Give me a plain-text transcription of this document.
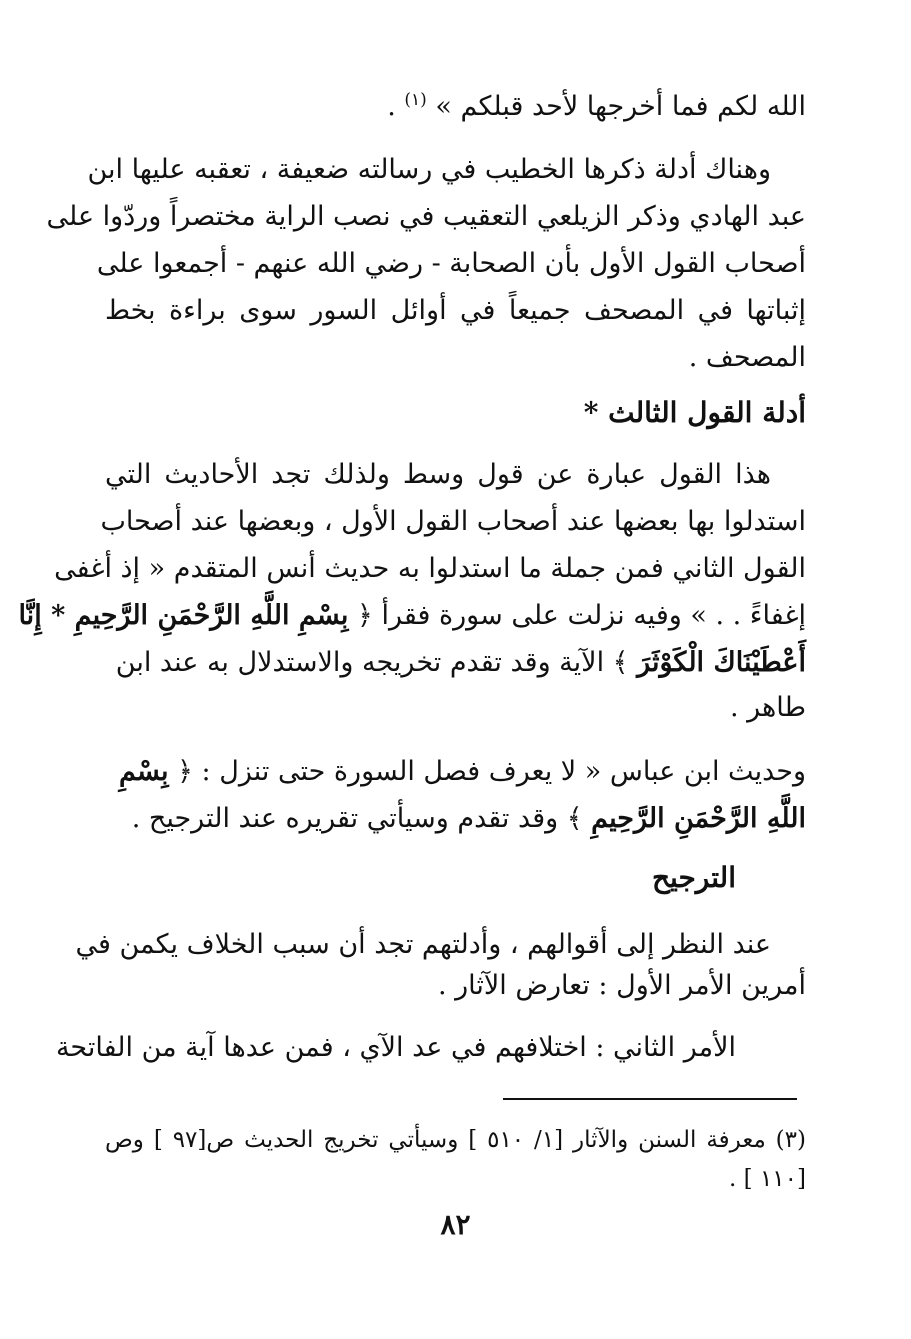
الله لكم فما أخرجها لأحد قبلكم » $^{(١)}$ .
وهناك أدلة ذكرها الخطيب في رسالته ضعيفة ، تعقبه عليها ابن
عبد الهادي وذكر الزيلعي التعقيب في نصب الراية مختصراً وردّوا على
أصحاب القول الأول بأن الصحابة - رضي الله عنهم - أجمعوا على
إثباتها في المصحف جميعاً في أوائل السور سوى براءة بخط
المصحف .
أدلة القول الثالث *
هذا القول عبارة عن قول وسط ولذلك تجد الأحاديث التي
استدلوا بها بعضها عند أصحاب القول الأول ، وبعضها عند أصحاب
القول الثاني فمن جملة ما استدلوا به حديث أنس المتقدم « إذ أغفى
إغفاءً . . » وفيه نزلت على سورة فقرأ ﴿ بِسْمِ اللَّهِ الرَّحْمَنِ الرَّحِيمِ * إِنَّا
أَعْطَيْنَاكَ الْكَوْثَرَ ﴾ الآية وقد تقدم تخريجه والاستدلال به عند ابن
طاهر .
وحديث ابن عباس « لا يعرف فصل السورة حتى تنزل : ﴿ بِسْمِ
اللَّهِ الرَّحْمَنِ الرَّحِيمِ ﴾ وقد تقدم وسيأتي تقريره عند الترجيح .
الترجيح
عند النظر إلى أقوالهم ، وأدلتهم تجد أن سبب الخلاف يكمن في
أمرين الأمر الأول : تعارض الآثار .
الأمر الثاني : اختلافهم في عد الآي ، فمن عدها آية من الفاتحة
(٣) معرفة السنن والآثار [١/ ٥١٠ ] وسيأتي تخريج الحديث ص[٩٧ ] وص
[١١٠ ] .
٨٢
